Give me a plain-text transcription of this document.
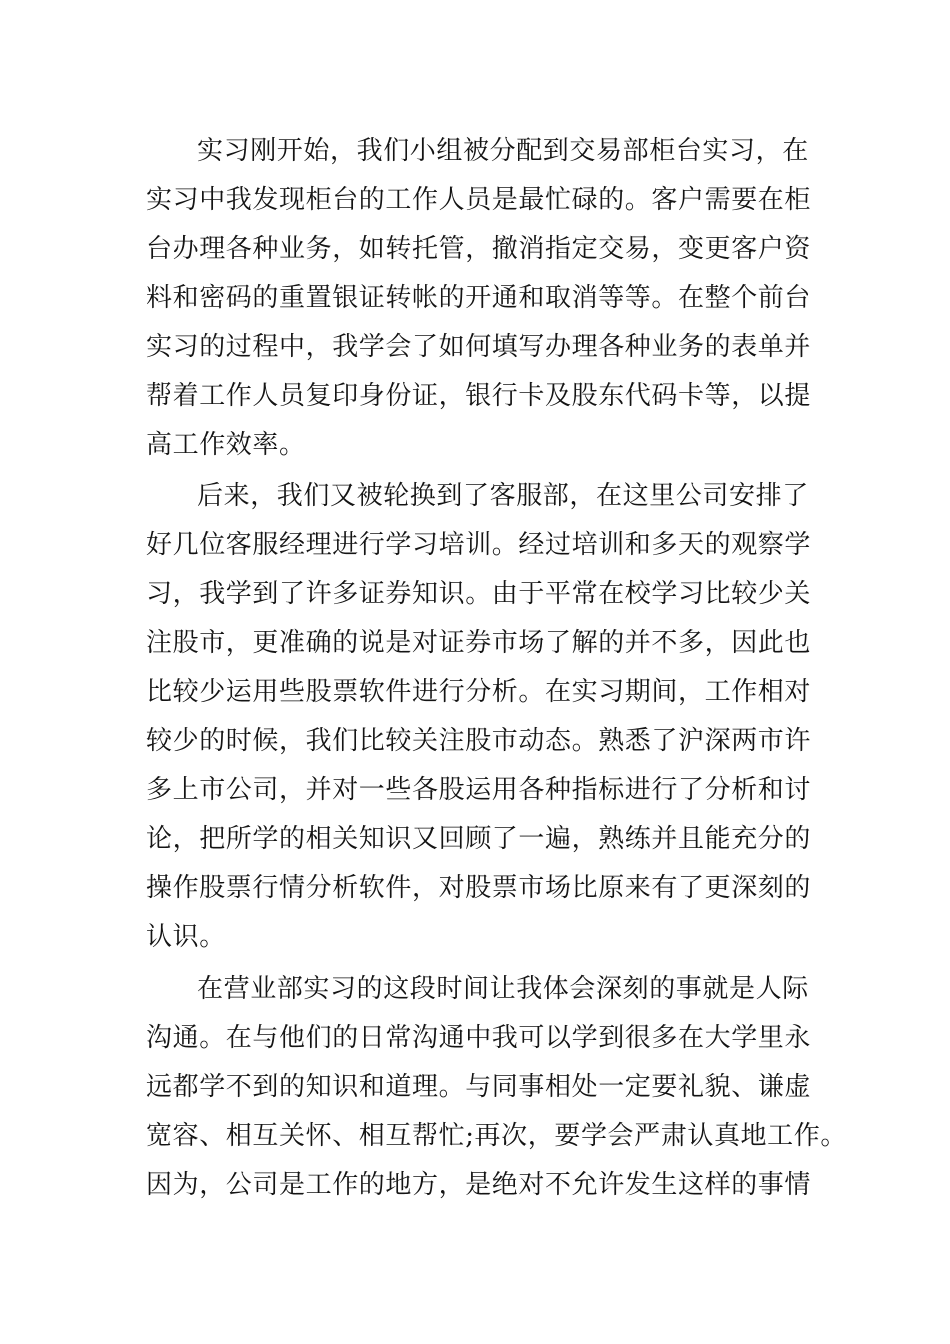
实习刚开始，我们小组被分配到交易部柜台实习，在
实习中我发现柜台的工作人员是最忙碌的。客户需要在柜
台办理各种业务，如转托管，撤消指定交易，变更客户资
料和密码的重置银证转帐的开通和取消等等。在整个前台
实习的过程中，我学会了如何填写办理各种业务的表单并
帮着工作人员复印身份证，银行卡及股东代码卡等，以提
高工作效率。
后来，我们又被轮换到了客服部，在这里公司安排了
好几位客服经理进行学习培训。经过培训和多天的观察学
习，我学到了许多证券知识。由于平常在校学习比较少关
注股市，更准确的说是对证券市场了解的并不多，因此也
比较少运用些股票软件进行分析。在实习期间，工作相对
较少的时候，我们比较关注股市动态。熟悉了沪深两市许
多上市公司，并对一些各股运用各种指标进行了分析和讨
论，把所学的相关知识又回顾了一遍，熟练并且能充分的
操作股票行情分析软件，对股票市场比原来有了更深刻的
认识。
在营业部实习的这段时间让我体会深刻的事就是人际
沟通。在与他们的日常沟通中我可以学到很多在大学里永
远都学不到的知识和道理。与同事相处一定要礼貌、谦虚
宽容、相互关怀、相互帮忙;再次，要学会严肃认真地工作。
因为，公司是工作的地方，是绝对不允许发生这样的事情
